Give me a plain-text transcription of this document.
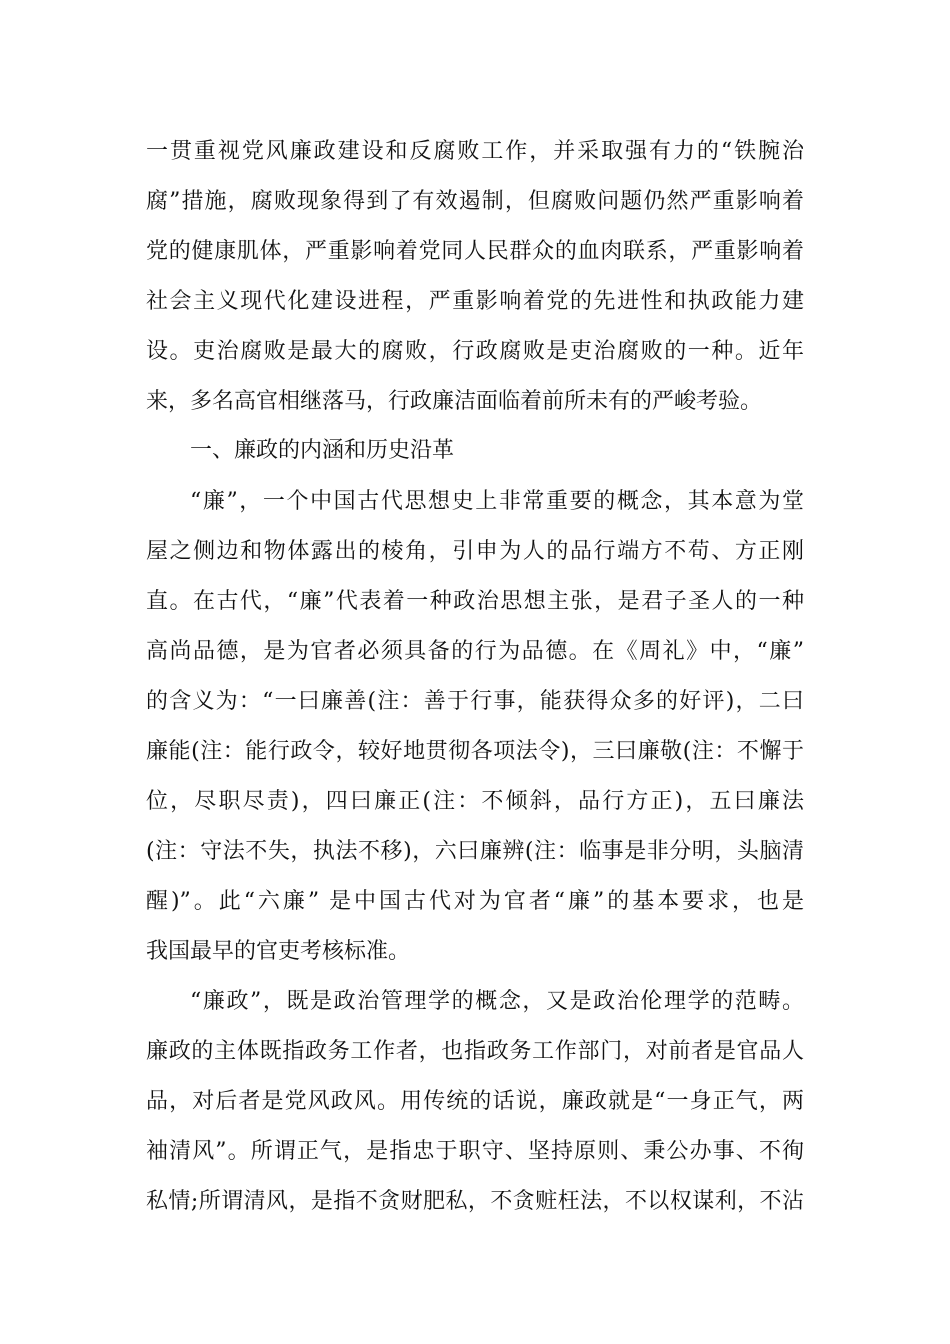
一贯重视党风廉政建设和反腐败工作，并采取强有力的“铁腕治
腐”措施，腐败现象得到了有效遏制，但腐败问题仍然严重影响着
党的健康肌体，严重影响着党同人民群众的血肉联系，严重影响着
社会主义现代化建设进程，严重影响着党的先进性和执政能力建
设。吏治腐败是最大的腐败，行政腐败是吏治腐败的一种。近年
来，多名高官相继落马，行政廉洁面临着前所未有的严峻考验。
一、廉政的内涵和历史沿革
“廉”，一个中国古代思想史上非常重要的概念，其本意为堂
屋之侧边和物体露出的棱角，引申为人的品行端方不苟、方正刚
直。在古代，“廉”代表着一种政治思想主张，是君子圣人的一种
高尚品德，是为官者必须具备的行为品德。在《周礼》中，“廉”
的含义为：“一曰廉善(注：善于行事，能获得众多的好评)，二曰
廉能(注：能行政令，较好地贯彻各项法令)，三曰廉敬(注：不懈于
位，尽职尽责)，四曰廉正(注：不倾斜，品行方正)，五曰廉法
(注：守法不失，执法不移)，六曰廉辨(注：临事是非分明，头脑清
醒)”。此“六廉” 是中国古代对为官者“廉”的基本要求，也是
我国最早的官吏考核标准。
“廉政”，既是政治管理学的概念，又是政治伦理学的范畴。
廉政的主体既指政务工作者，也指政务工作部门，对前者是官品人
品，对后者是党风政风。用传统的话说，廉政就是“一身正气，两
袖清风”。所谓正气，是指忠于职守、坚持原则、秉公办事、不徇
私情;所谓清风，是指不贪财肥私，不贪赃枉法，不以权谋利，不沾
